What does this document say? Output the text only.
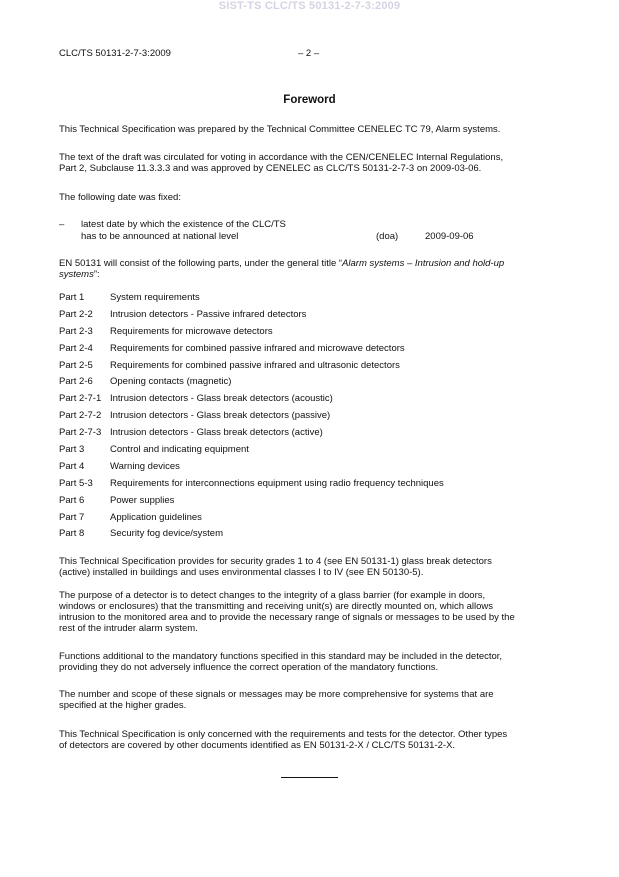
SIST-TS CLC/TS 50131-2-7-3:2009
CLC/TS 50131-2-7-3:2009	– 2 –
Foreword
This Technical Specification was prepared by the Technical Committee CENELEC TC 79, Alarm systems.
The text of the draft was circulated for voting in accordance with the CEN/CENELEC Internal Regulations,
Part 2, Subclause 11.3.3.3 and was approved by CENELEC as CLC/TS 50131-2-7-3 on 2009-03-06.
The following date was fixed:
– latest date by which the existence of the CLC/TS
has to be announced at national level	(doa)	2009-09-06
EN 50131 will consist of the following parts, under the general title “Alarm systems – Intrusion and hold-up
systems”:
Part 1	System requirements
Part 2-2 Intrusion detectors - Passive infrared detectors
Part 2-3 Requirements for microwave detectors
Part 2-4 Requirements for combined passive infrared and microwave detectors
Part 2-5 Requirements for combined passive infrared and ultrasonic detectors
Part 2-6 Opening contacts (magnetic)
Part 2-7-1 Intrusion detectors - Glass break detectors (acoustic)
Part 2-7-2 Intrusion detectors - Glass break detectors (passive)
Part 2-7-3 Intrusion detectors - Glass break detectors (active)
Part 3	Control and indicating equipment
Part 4	Warning devices
Part 5-3 Requirements for interconnections equipment using radio frequency techniques
Part 6	Power supplies
Part 7	Application guidelines
Part 8	Security fog device/system
This Technical Specification provides for security grades 1 to 4 (see EN 50131-1) glass break detectors
(active) installed in buildings and uses environmental classes I to IV (see EN 50130-5).
The purpose of a detector is to detect changes to the integrity of a glass barrier (for example in doors,
windows or enclosures) that the transmitting and receiving unit(s) are directly mounted on, which allows
intrusion to the monitored area and to provide the necessary range of signals or messages to be used by the
rest of the intruder alarm system.
Functions additional to the mandatory functions specified in this standard may be included in the detector,
providing they do not adversely influence the correct operation of the mandatory functions.
The number and scope of these signals or messages may be more comprehensive for systems that are
specified at the higher grades.
This Technical Specification is only concerned with the requirements and tests for the detector. Other types
of detectors are covered by other documents identified as EN 50131-2-X / CLC/TS 50131-2-X.
